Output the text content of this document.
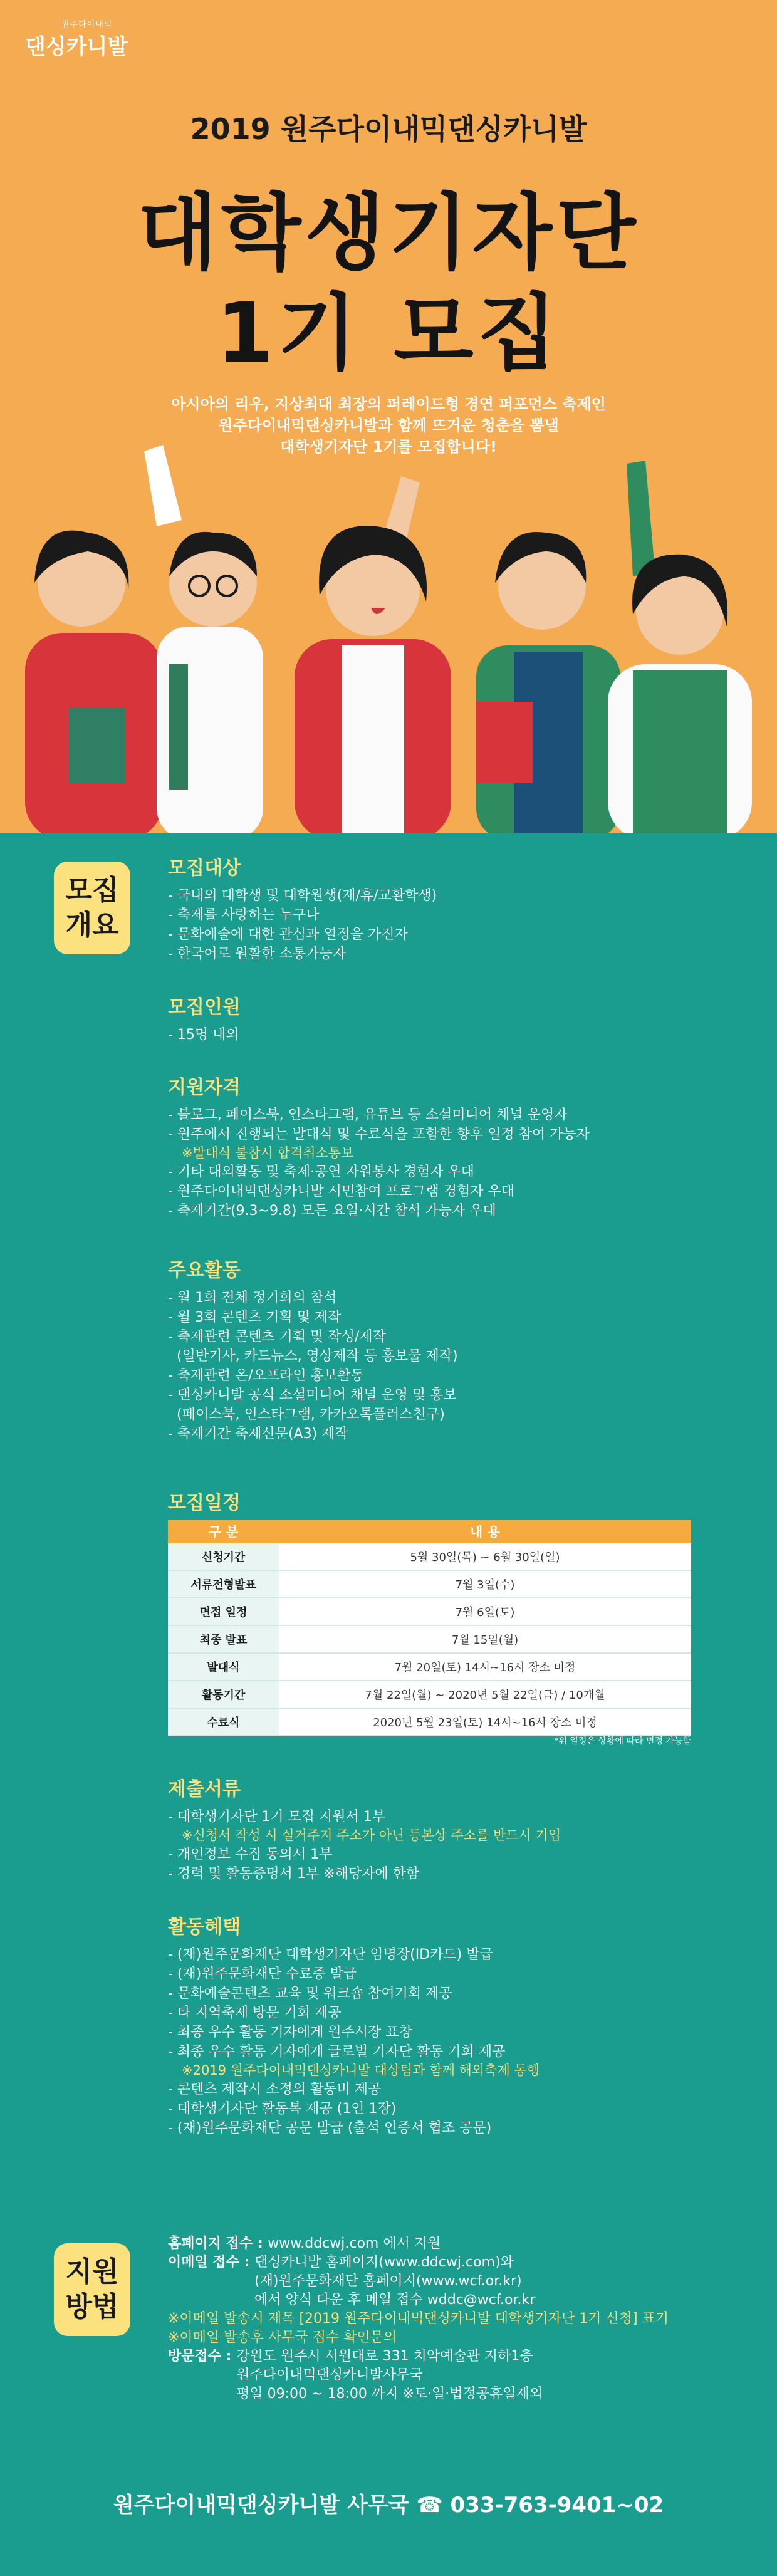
원주다이내믹
댄싱카니발
2019 원주다이내믹댄싱카니발
대학생기자단
1기 모집
아시아의 리우, 지상최대 최장의 퍼레이드형 경연 퍼포먼스 축제인
원주다이내믹댄싱카니발과 함께 뜨거운 청춘을 뽐낼
대학생기자단 1기를 모집합니다!
모집
개요

모집대상

- 국내외 대학생 및 대학원생(재/휴/교환학생)

- 축제를 사랑하는 누구나

- 문화예술에 대한 관심과 열정을 가진자

- 한국어로 원활한 소통가능자

모집인원

- 15명 내외

지원자격

- 블로그, 페이스북, 인스타그램, 유튜브 등 소셜미디어 채널 운영자

- 원주에서 진행되는 발대식 및 수료식을 포함한 향후 일정 참여 가능자

※발대식 불참시 합격취소통보

- 기타 대외활동 및 축제·공연 자원봉사 경험자 우대

- 원주다이내믹댄싱카니발 시민참여 프로그램 경험자 우대

- 축제기간(9.3~9.8) 모든 요일·시간 참석 가능자 우대

주요활동

- 월 1회 전체 정기회의 참석

- 월 3회 콘텐츠 기획 및 제작

- 축제관련 콘텐츠 기획 및 작성/제작

(일반기사, 카드뉴스, 영상제작 등 홍보물 제작)

- 축제관련 온/오프라인 홍보활동

- 댄싱카니발 공식 소셜미디어 채널 운영 및 홍보

(페이스북, 인스타그램, 카카오톡플러스친구)

- 축제기간 축제신문(A3) 제작

모집일정

구 분	내 용
신청기간	5월 30일(목) ~ 6월 30일(일)
서류전형발표	7월 3일(수)
면접 일정	7월 6일(토)
최종 발표	7월 15일(월)
발대식	7월 20일(토) 14시~16시 장소 미정
활동기간	7월 22일(월) ~ 2020년 5월 22일(금) / 10개월
수료식	2020년 5월 23일(토) 14시~16시 장소 미정
*위 일정은 상황에 따라 변경 가능함

제출서류

- 대학생기자단 1기 모집 지원서 1부

※신청서 작성 시 실거주지 주소가 아닌 등본상 주소를 반드시 기입

- 개인정보 수집 동의서 1부

- 경력 및 활동증명서 1부 ※해당자에 한함

활동혜택

- (재)원주문화재단 대학생기자단 임명장(ID카드) 발급

- (재)원주문화재단 수료증 발급

- 문화예술콘텐츠 교육 및 워크숍 참여기회 제공

- 타 지역축제 방문 기회 제공

- 최종 우수 활동 기자에게 원주시장 표창

- 최종 우수 활동 기자에게 글로벌 기자단 활동 기회 제공

※2019 원주다이내믹댄싱카니발 대상팀과 함께 해외축제 동행

- 콘텐츠 제작시 소정의 활동비 제공

- 대학생기자단 활동복 제공 (1인 1장)

- (재)원주문화재단 공문 발급 (출석 인증서 협조 공문)

지원
방법
홈페이지 접수 : www.ddcwj.com 에서 지원
이메일 접수 : 댄싱카니발 홈페이지(www.ddcwj.com)와
(재)원주문화재단 홈페이지(www.wcf.or.kr)
에서 양식 다운 후 메일 접수 wddc@wcf.or.kr
※이메일 발송시 제목 [2019 원주다이내믹댄싱카니발 대학생기자단 1기 신청] 표기
※이메일 발송후 사무국 접수 확인문의
방문접수 : 강원도 원주시 서원대로 331 치악예술관 지하1층
원주다이내믹댄싱카니발사무국
평일 09:00 ~ 18:00 까지 ※토·일·법정공휴일제외
원주다이내믹댄싱카니발 사무국 ☎ 033-763-9401~02
